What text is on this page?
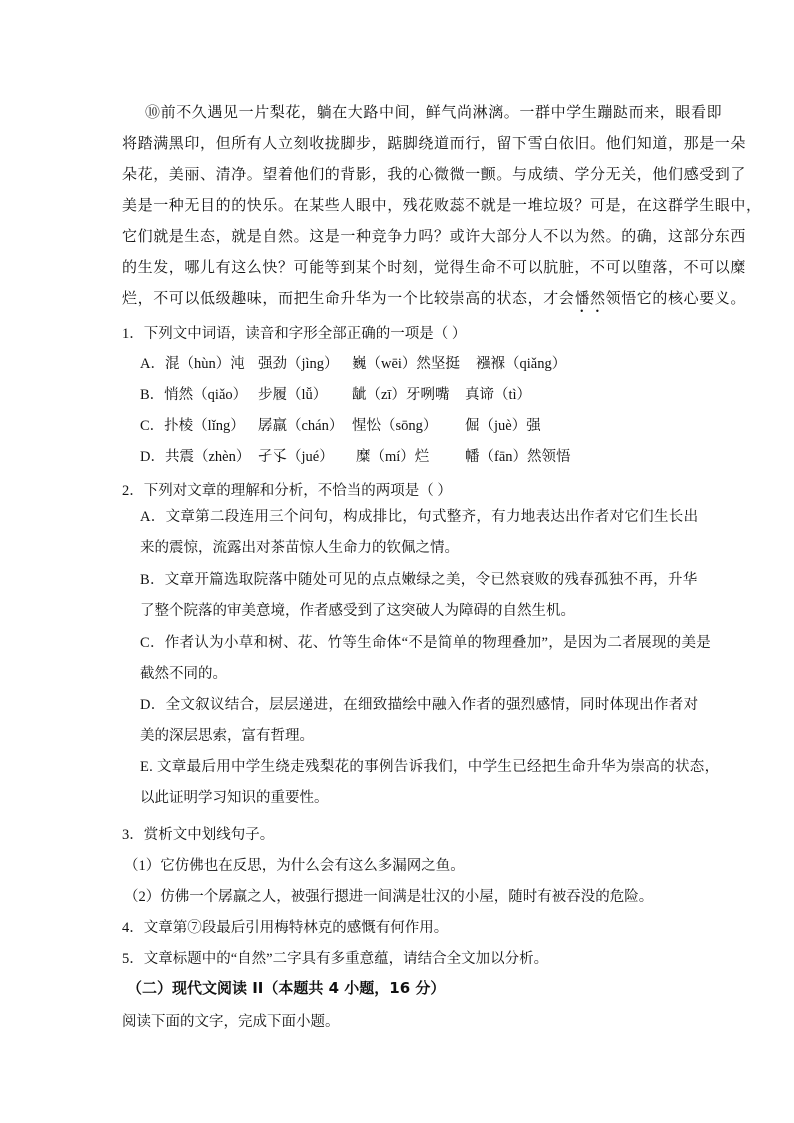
⑩前不久遇见一片梨花，躺在大路中间，鲜气尚淋漓。一群中学生蹦跶而来，眼看即
将踏满黑印，但所有人立刻收拢脚步，踮脚绕道而行，留下雪白依旧。他们知道，那是一朵
朵花，美丽、清净。望着他们的背影，我的心微微一颤。与成绩、学分无关，他们感受到了
美是一种无目的的快乐。在某些人眼中，残花败蕊不就是一堆垃圾？可是，在这群学生眼中，
它们就是生态，就是自然。这是一种竞争力吗？或许大部分人不以为然。的确，这部分东西
的生发，哪儿有这么快？可能等到某个时刻，觉得生命不可以肮脏，不可以堕落，不可以糜
烂，不可以低级趣味，而把生命升华为一个比较崇高的状态，才会憣然领悟它的核心要义。
1．下列文中词语，读音和字形全部正确的一项是（ ）
A．混（hùn）沌 强劲（jìng） 巍（wēi）然坚挺 襁褓（qiǎng）
B．悄然（qiǎo） 步履（lǚ） 龇（zī）牙咧嘴 真谛（tì）
C．扑棱（lǐng） 孱羸（chán） 惺忪（sōng） 倔（juè）强
D．共震（zhèn） 孑孓（jué） 糜（mí）烂 幡（fān）然领悟
2．下列对文章的理解和分析，不恰当的两项是（ ）
A．文章第二段连用三个问句，构成排比，句式整齐，有力地表达出作者对它们生长出
来的震惊，流露出对茶苗惊人生命力的钦佩之情。
B．文章开篇选取院落中随处可见的点点嫩绿之美，令已然衰败的残春孤独不再，升华
了整个院落的审美意境，作者感受到了这突破人为障碍的自然生机。
C．作者认为小草和树、花、竹等生命体“不是简单的物理叠加”，是因为二者展现的美是
截然不同的。
D．全文叙议结合，层层递进，在细致描绘中融入作者的强烈感情，同时体现出作者对
美的深层思索，富有哲理。
E. 文章最后用中学生绕走残梨花的事例告诉我们，中学生已经把生命升华为崇高的状态，
以此证明学习知识的重要性。
3．赏析文中划线句子。
（1）它仿佛也在反思，为什么会有这么多漏网之鱼。
（2）仿佛一个孱羸之人，被强行摁进一间满是壮汉的小屋，随时有被吞没的危险。
4．文章第⑦段最后引用梅特林克的感慨有何作用。
5．文章标题中的“自然”二字具有多重意蕴，请结合全文加以分析。
（二）现代文阅读 II（本题共 4 小题，16 分）
阅读下面的文字，完成下面小题。
